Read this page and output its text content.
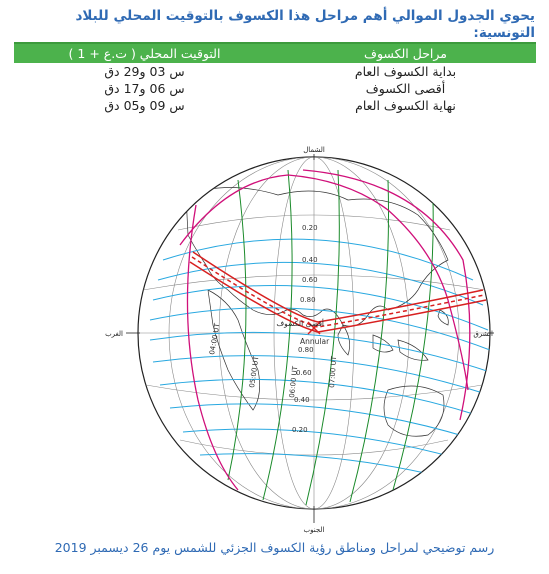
يحوي الجدول الموالي أهم مراحل هذا الكسوف بالتوقيت المحلي للبلاد التونسية:
مراحل الكسوف	التوقيت المحلي ( ت.ع + 1 )
بداية الكسوف العام	س 03 و29 دق
أقصى الكسوف	س 06 و17 دق
نهاية الكسوف العام	س 09 و05 دق
0.20
0.40
0.60
0.80
0.80
0.60
0.40
0.20
04:00 UT
05:00 UT	06:00 UT	07:00 UT
Annular
أقصى الكسوف
الشمال
الجنوب
الشرق
الغرب
رسم توضيحي لمراحل ومناطق رؤية الكسوف الجزئي للشمس يوم 26 ديسمبر 2019
